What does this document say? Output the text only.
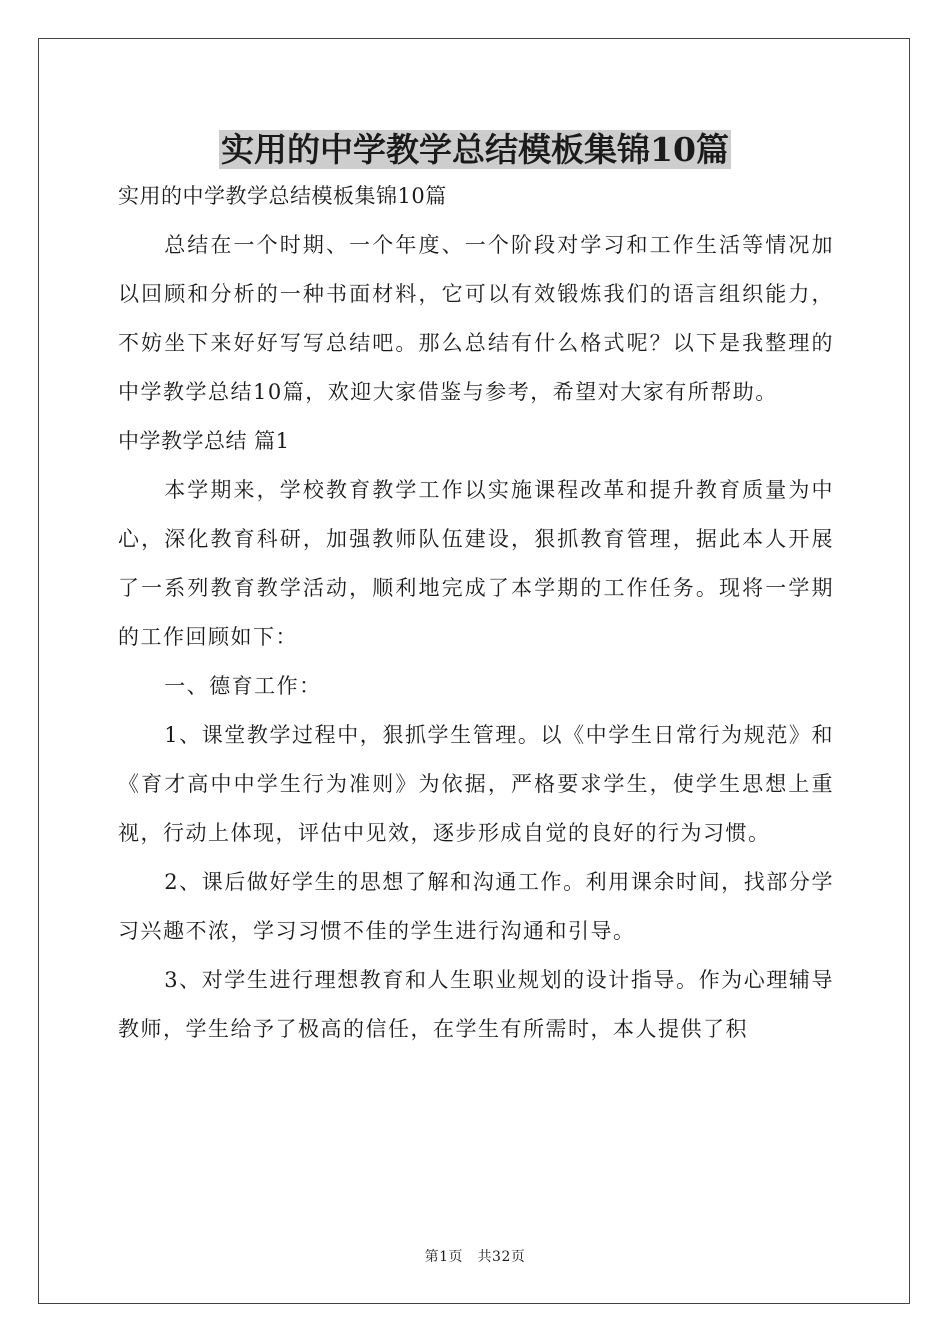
实用的中学教学总结模板集锦10篇

实用的中学教学总结模板集锦10篇

总结在一个时期、一个年度、一个阶段对学习和工作生活等情况加以回顾和分析的一种书面材料，它可以有效锻炼我们的语言组织能力，不妨坐下来好好写写总结吧。那么总结有什么格式呢？以下是我整理的中学教学总结10篇，欢迎大家借鉴与参考，希望对大家有所帮助。

中学教学总结 篇1

本学期来，学校教育教学工作以实施课程改革和提升教育质量为中心，深化教育科研，加强教师队伍建设，狠抓教育管理，据此本人开展了一系列教育教学活动，顺利地完成了本学期的工作任务。现将一学期的工作回顾如下：

一、德育工作：

1、课堂教学过程中，狠抓学生管理。以《中学生日常行为规范》和《育才高中中学生行为准则》为依据，严格要求学生，使学生思想上重视，行动上体现，评估中见效，逐步形成自觉的良好的行为习惯。

2、课后做好学生的思想了解和沟通工作。利用课余时间，找部分学习兴趣不浓，学习习惯不佳的学生进行沟通和引导。

3、对学生进行理想教育和人生职业规划的设计指导。作为心理辅导教师，学生给予了极高的信任，在学生有所需时，本人提供了积

第1页　共32页
